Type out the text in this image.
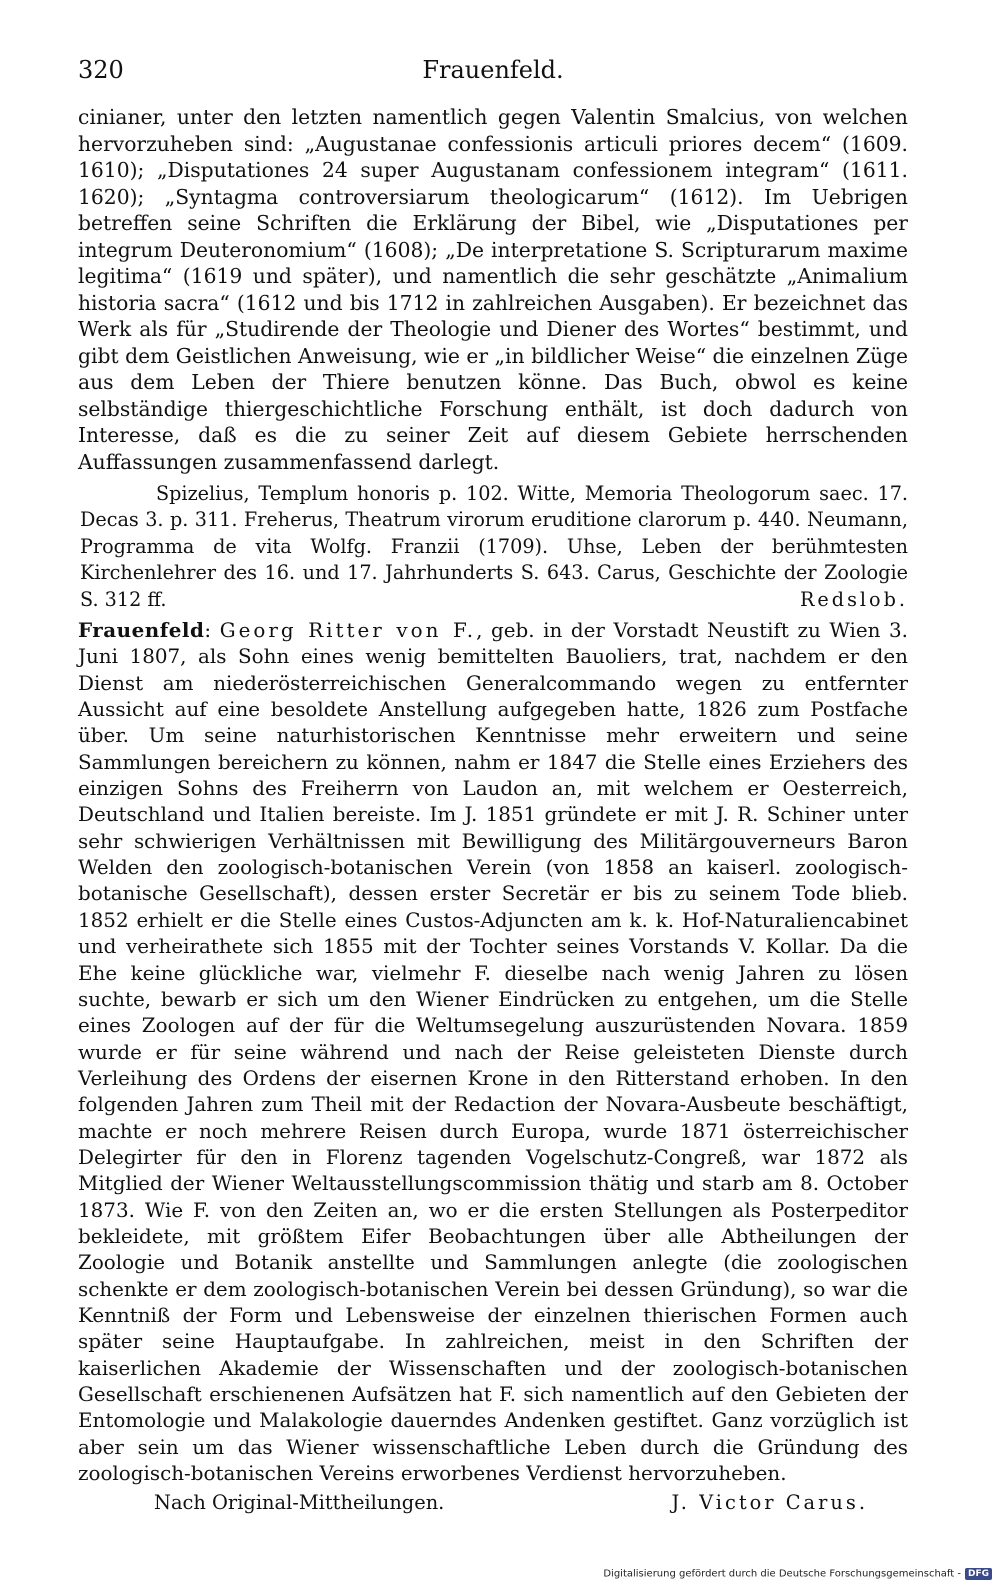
320	Frauenfeld.

cinianer, unter den letzten namentlich gegen Valentin Smalcius, von welchen hervorzuheben sind: „Augustanae confessionis articuli priores decem“ (1609. 1610); „Disputationes 24 super Augustanam confessionem integram“ (1611. 1620); „Syntagma controversiarum theologicarum“ (1612). Im Uebrigen betreffen seine Schriften die Erklärung der Bibel, wie „Disputationes per integrum Deuteronomium“ (1608); „De interpretatione S. Scripturarum maxime legitima“ (1619 und später), und namentlich die sehr geschätzte „Animalium historia sacra“ (1612 und bis 1712 in zahlreichen Ausgaben). Er bezeichnet das Werk als für „Studirende der Theologie und Diener des Wortes“ bestimmt, und gibt dem Geistlichen Anweisung, wie er „in bildlicher Weise“ die einzelnen Züge aus dem Leben der Thiere benutzen könne. Das Buch, obwol es keine selbständige thiergeschichtliche Forschung enthält, ist doch dadurch von Interesse, daß es die zu seiner Zeit auf diesem Gebiete herrschenden Auffassungen zusammenfassend darlegt.

Spizelius, Templum honoris p. 102. Witte, Memoria Theologorum saec. 17. Decas 3. p. 311. Freherus, Theatrum virorum eruditione clarorum p. 440. Neumann, Programma de vita Wolfg. Franzii (1709). Uhse, Leben der berühmtesten Kirchenlehrer des 16. und 17. Jahrhunderts S. 643. Carus, Geschichte der Zoologie S. 312 ff.	Redslob.

Frauenfeld: Georg Ritter von F., geb. in der Vorstadt Neustift zu Wien 3. Juni 1807, als Sohn eines wenig bemittelten Bauoliers, trat, nachdem er den Dienst am niederösterreichischen Generalcommando wegen zu entfernter Aussicht auf eine besoldete Anstellung aufgegeben hatte, 1826 zum Postfache über. Um seine naturhistorischen Kenntnisse mehr erweitern und seine Sammlungen bereichern zu können, nahm er 1847 die Stelle eines Erziehers des einzigen Sohns des Freiherrn von Laudon an, mit welchem er Oesterreich, Deutschland und Italien bereiste. Im J. 1851 gründete er mit J. R. Schiner unter sehr schwierigen Verhältnissen mit Bewilligung des Militärgouverneurs Baron Welden den zoologisch-botanischen Verein (von 1858 an kaiserl. zoologisch-botanische Gesellschaft), dessen erster Secretär er bis zu seinem Tode blieb. 1852 erhielt er die Stelle eines Custos-Adjuncten am k. k. Hof-Naturaliencabinet und verheirathete sich 1855 mit der Tochter seines Vorstands V. Kollar. Da die Ehe keine glückliche war, vielmehr F. dieselbe nach wenig Jahren zu lösen suchte, bewarb er sich um den Wiener Eindrücken zu entgehen, um die Stelle eines Zoologen auf der für die Weltumsegelung auszurüstenden Novara. 1859 wurde er für seine während und nach der Reise geleisteten Dienste durch Verleihung des Ordens der eisernen Krone in den Ritterstand erhoben. In den folgenden Jahren zum Theil mit der Redaction der Novara-Ausbeute beschäftigt, machte er noch mehrere Reisen durch Europa, wurde 1871 österreichischer Delegirter für den in Florenz tagenden Vogelschutz-Congreß, war 1872 als Mitglied der Wiener Weltausstellungscommission thätig und starb am 8. October 1873. Wie F. von den Zeiten an, wo er die ersten Stellungen als Posterpeditor bekleidete, mit größtem Eifer Beobachtungen über alle Abtheilungen der Zoologie und Botanik anstellte und Sammlungen anlegte (die zoologischen schenkte er dem zoologisch-botanischen Verein bei dessen Gründung), so war die Kenntniß der Form und Lebensweise der einzelnen thierischen Formen auch später seine Hauptaufgabe. In zahlreichen, meist in den Schriften der kaiserlichen Akademie der Wissenschaften und der zoologisch-botanischen Gesellschaft erschienenen Aufsätzen hat F. sich namentlich auf den Gebieten der Entomologie und Malakologie dauerndes Andenken gestiftet. Ganz vorzüglich ist aber sein um das Wiener wissenschaftliche Leben durch die Gründung des zoologisch-botanischen Vereins erworbenes Verdienst hervorzuheben.

Nach Original-Mittheilungen.	J. Victor Carus.

Digitalisierung gefördert durch die Deutsche Forschungsgemeinschaft - DFG
